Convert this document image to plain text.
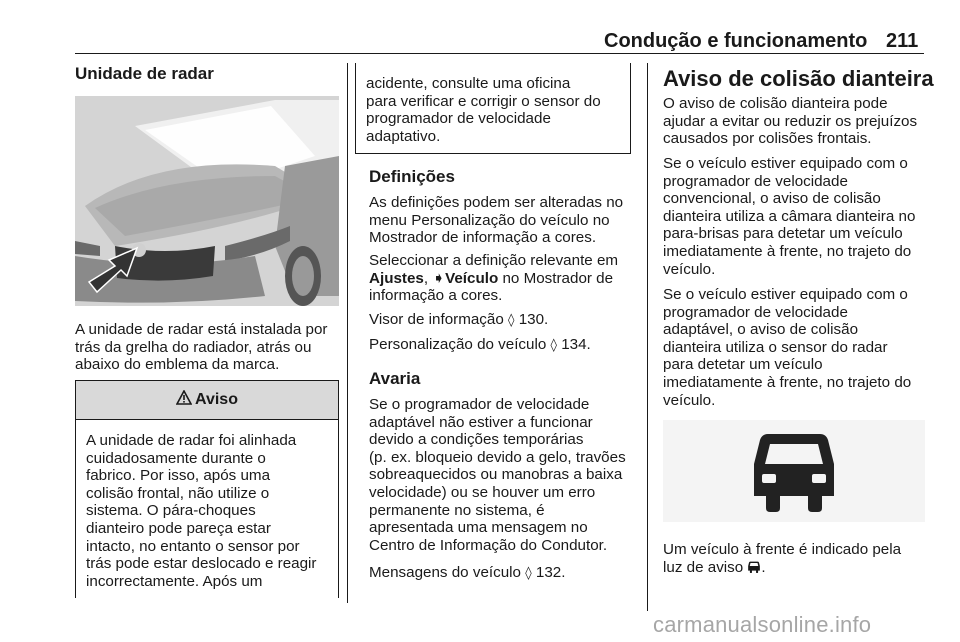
Condução e funcionamento 211
Unidade de radar
A unidade de radar está instalada por
trás da grelha do radiador, atrás ou
abaixo do emblema da marca.
Aviso
A unidade de radar foi alinhada
cuidadosamente durante o
fabrico. Por isso, após uma
colisão frontal, não utilize o
sistema. O pára-choques
dianteiro pode pareça estar
intacto, no entanto o sensor por
trás pode estar deslocado e reagir
incorrectamente. Após um
acidente, consulte uma oficina
para verificar e corrigir o sensor do
programador de velocidade
adaptativo.
Definições
As definições podem ser alteradas no
menu Personalização do veículo no
Mostrador de informação a cores.
Seleccionar a definição relevante em
Ajustes, ➧Veículo no Mostrador de
informação a cores.
Visor de informação ◊ 130.
Personalização do veículo ◊ 134.
Avaria
Se o programador de velocidade
adaptável não estiver a funcionar
devido a condições temporárias
(p. ex. bloqueio devido a gelo, travões
sobreaquecidos ou manobras a baixa
velocidade) ou se houver um erro
permanente no sistema, é
apresentada uma mensagem no
Centro de Informação do Condutor.
Mensagens do veículo ◊ 132.
Aviso de colisão dianteira
O aviso de colisão dianteira pode
ajudar a evitar ou reduzir os prejuízos
causados por colisões frontais.
Se o veículo estiver equipado com o
programador de velocidade
convencional, o aviso de colisão
dianteira utiliza a câmara dianteira no
para-brisas para detetar um veículo
imediatamente à frente, no trajeto do
veículo.
Se o veículo estiver equipado com o
programador de velocidade
adaptável, o aviso de colisão
dianteira utiliza o sensor do radar
para detetar um veículo
imediatamente à frente, no trajeto do
veículo.
Um veículo à frente é indicado pela
luz de aviso .
carmanualsonline.info
